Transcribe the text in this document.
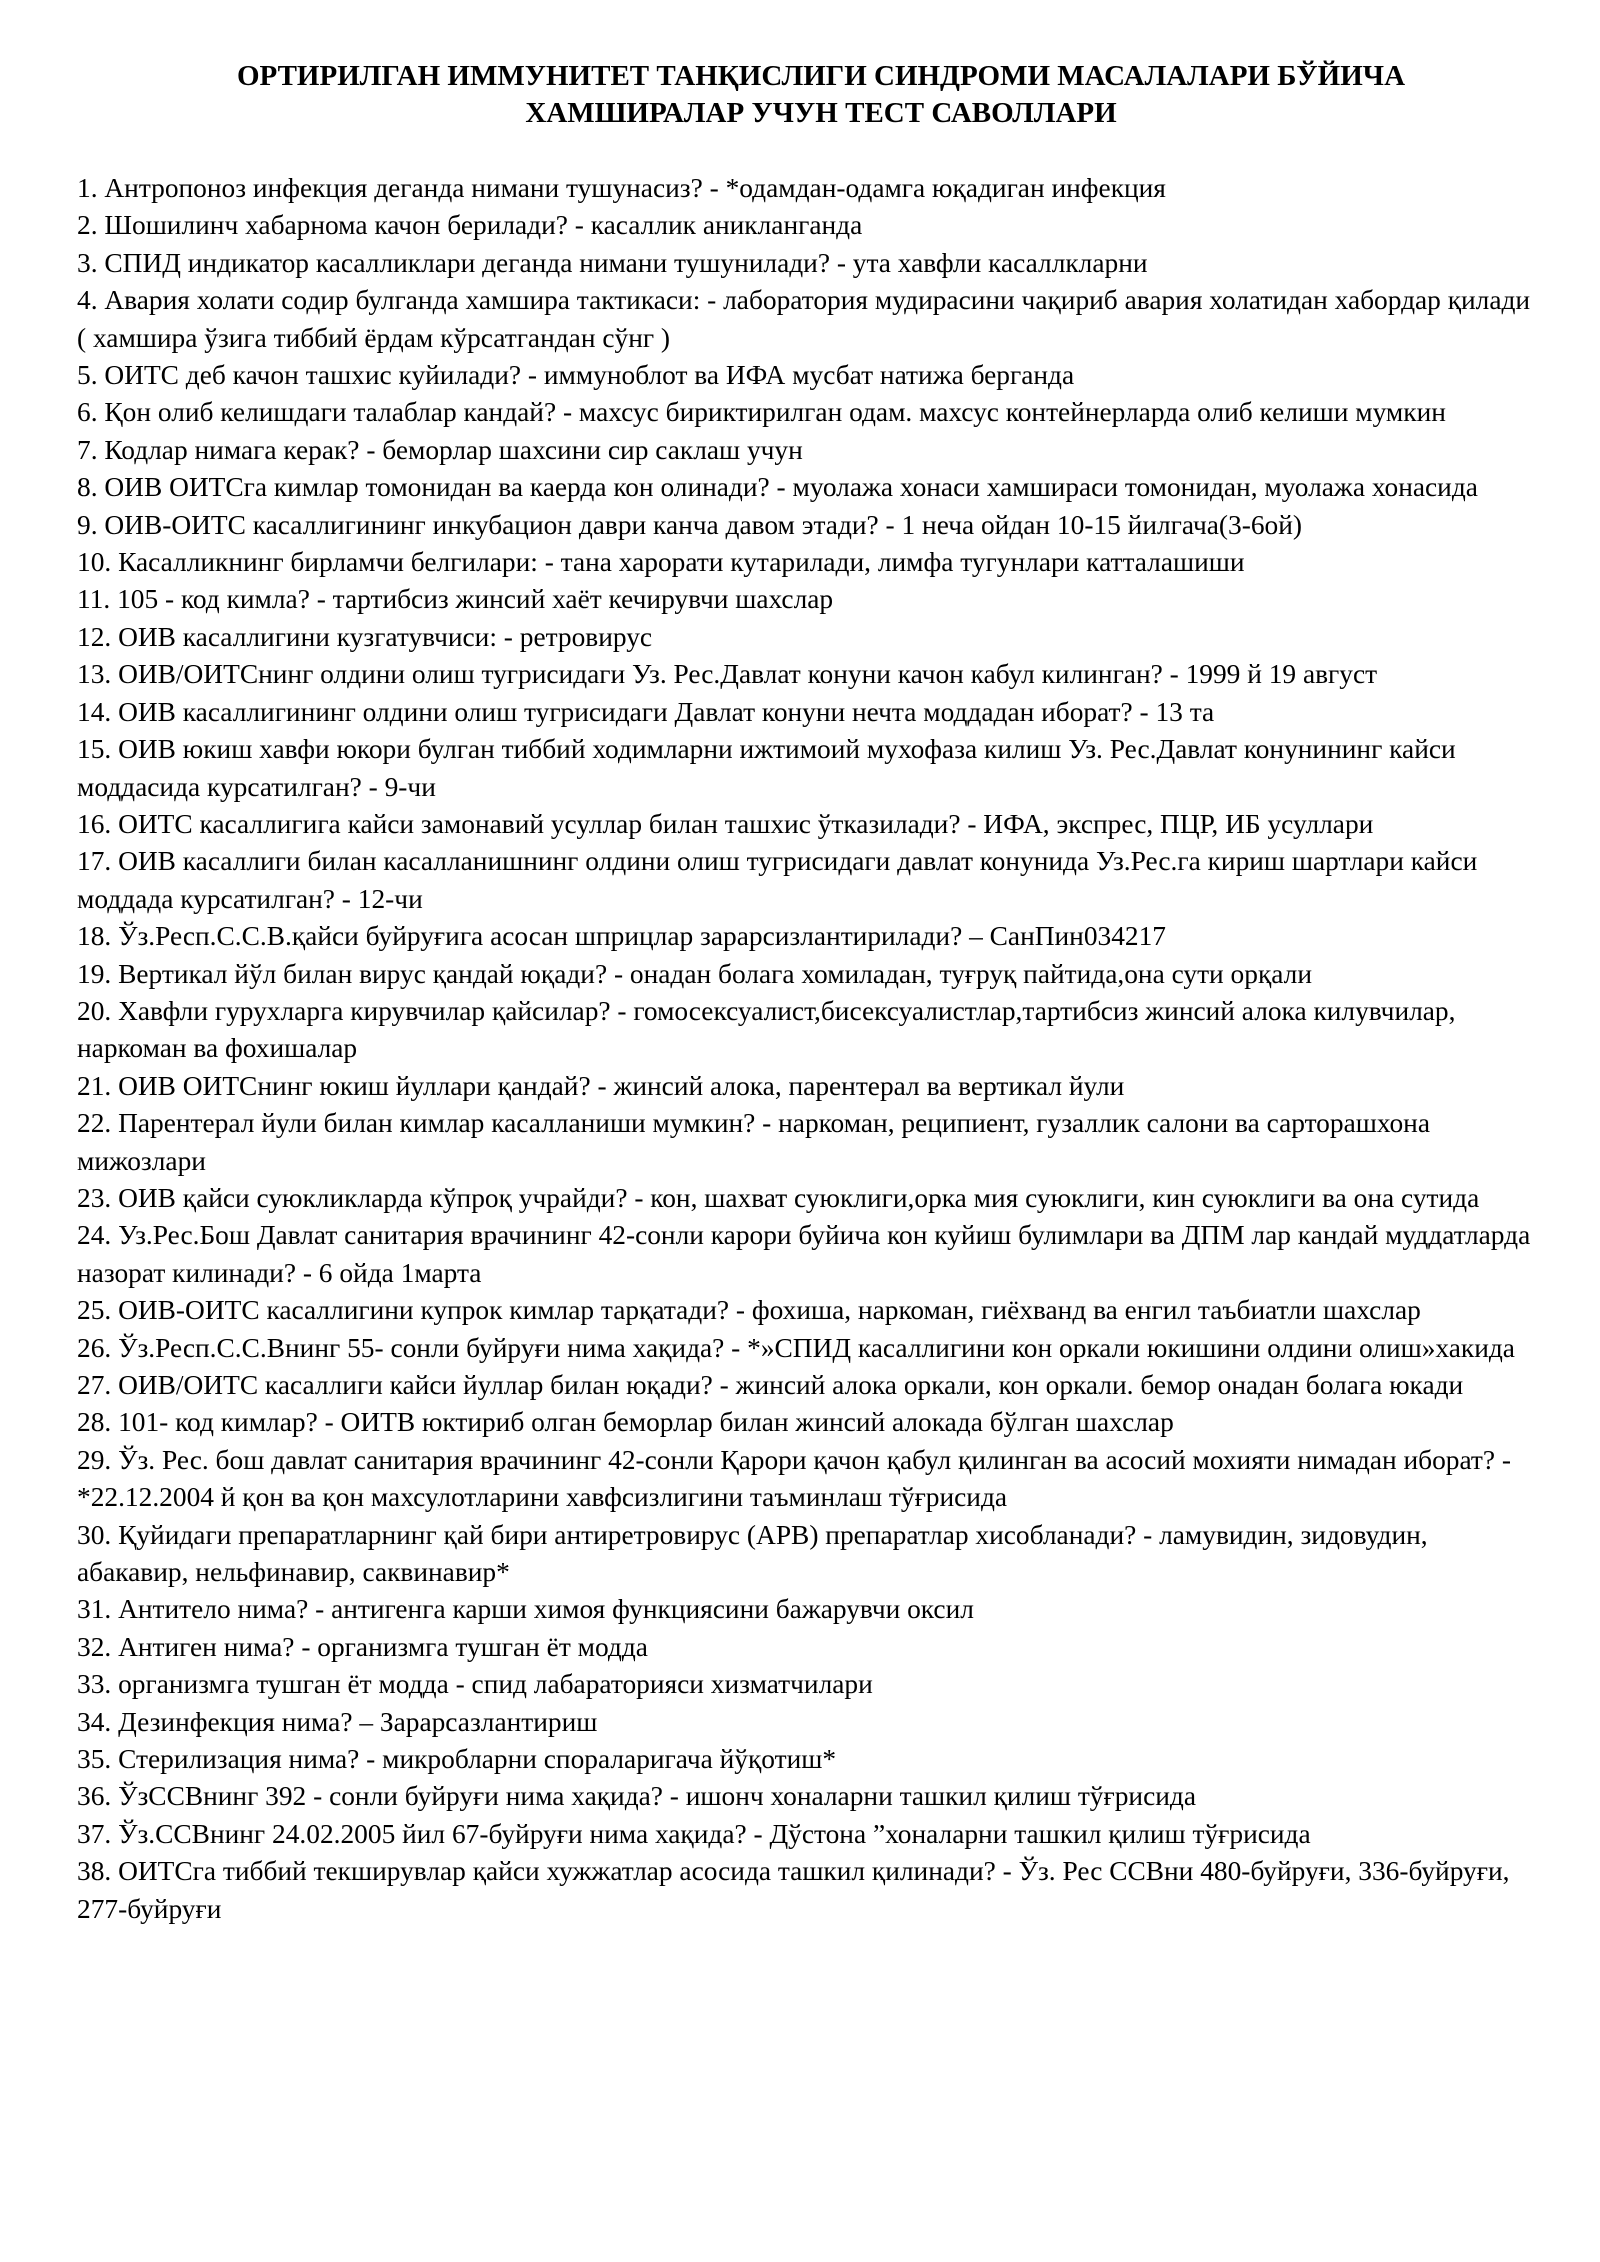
ОРТИРИЛГАН ИММУНИТЕТ ТАНҚИСЛИГИ СИНДРОМИ МАСАЛАЛАРИ БЎЙИЧА
ХАМШИРАЛАР УЧУН ТЕСТ САВОЛЛАРИ
1. Антропоноз инфекция деганда нимани тушунасиз? - *одамдан-одамга юқадиган инфекция
2. Шошилинч хабарнома качон берилади? - касаллик аникланганда
3. СПИД индикатор касалликлари деганда нимани тушунилади? - ута хавфли касаллкларни
4. Авария холати содир булганда хамшира тактикаси: - лаборатория мудирасини чақириб авария холатидан хабордар қилади ( хамшира ўзига тиббий ёрдам кўрсатгандан сўнг )
5. ОИТС деб качон ташхис куйилади? - иммуноблот ва ИФА мусбат натижа берганда
6. Қон олиб келишдаги талаблар кандай? - махсус бириктирилган одам. махсус контейнерларда олиб келиши мумкин
7. Кодлар нимага керак? - беморлар шахсини сир саклаш учун
8. ОИВ ОИТСга кимлар томонидан ва каерда кон олинади? - муолажа хонаси хамшираси томонидан, муолажа хонасида
9. ОИВ-ОИТС касаллигининг инкубацион даври канча давом этади? - 1 неча ойдан 10-15 йилгача(3-6ой)
10. Касалликнинг бирламчи белгилари: - тана харорати кутарилади, лимфа тугунлари катталашиши
11. 105 - код кимла? - тартибсиз жинсий хаёт кечирувчи шахслар
12. ОИВ касаллигини кузгатувчиси: - ретровирус
13. ОИВ/ОИТСнинг олдини олиш тугрисидаги Уз. Рес.Давлат конуни качон кабул килинган? - 1999 й 19 август
14. ОИВ касаллигининг олдини олиш тугрисидаги Давлат конуни нечта моддадан иборат? - 13 та
15. ОИВ юкиш хавфи юкори булган тиббий ходимларни ижтимоий мухофаза килиш Уз. Рес.Давлат конунининг кайси моддасида курсатилган? - 9-чи
16. ОИТС касаллигига кайси замонавий усуллар билан ташхис ўтказилади? - ИФА, экспрес, ПЦР, ИБ усуллари
17. ОИВ касаллиги билан касалланишнинг олдини олиш тугрисидаги давлат конунида Уз.Рес.га кириш шартлари кайси моддада курсатилган? - 12-чи
18. Ўз.Респ.С.С.В.қайси буйруғига асосан шприцлар зарарсизлантирилади? – СанПин034217
19. Вертикал йўл билан вирус қандай юқади? - онадан болага хомиладан, туғруқ пайтида,она сути орқали
20. Хавфли гурухларга кирувчилар қайсилар? - гомосексуалист,бисексуалистлар,тартибсиз жинсий алока килувчилар, наркоман ва фохишалар
21. ОИВ ОИТСнинг юкиш йуллари қандай? - жинсий алока, парентерал ва вертикал йули
22. Парентерал йули билан кимлар касалланиши мумкин? - наркоман, реципиент, гузаллик салони ва сарторашхона мижозлари
23. ОИВ қайси суюкликларда кўпроқ учрайди? - кон, шахват суюклиги,орка мия суюклиги, кин суюклиги ва она сутида
24. Уз.Рес.Бош Давлат санитария врачининг 42-сонли карори буйича кон куйиш булимлари ва ДПМ лар кандай муддатларда назорат килинади? - 6 ойда 1марта
25. ОИВ-ОИТС касаллигини купрок кимлар тарқатади? - фохиша, наркоман, гиёхванд ва енгил таъбиатли шахслар
26. Ўз.Респ.С.С.Внинг 55- сонли буйруғи нима хақида? - *»СПИД касаллигини кон оркали юкишини олдини олиш»хакида
27. ОИВ/ОИТС касаллиги кайси йуллар билан юқади? - жинсий алока оркали, кон оркали. бемор онадан болага юкади
28. 101- код кимлар? - ОИТВ юктириб олган беморлар билан жинсий алокада бўлган шахслар
29. Ўз. Рес. бош давлат санитария врачининг 42-сонли Қарори қачон қабул қилинган ва асосий мохияти нимадан иборат? - *22.12.2004 й қон ва қон махсулотларини хавфсизлигини таъминлаш тўғрисида
30. Қуйидаги препаратларнинг қай бири антиретровирус (АРВ) препаратлар хисобланади? - ламувидин, зидовудин, абакавир, нельфинавир, саквинавир*
31. Антитело нима? - антигенга карши химоя функциясини бажарувчи оксил
32. Антиген нима? - организмга тушган ёт модда
33. организмга тушган ёт модда - спид лабараторияси хизматчилари
34. Дезинфекция нима? – Зарарсазлантириш
35. Стерилизация нима? - микробларни спораларигача йўқотиш*
36. ЎзССВнинг 392 - сонли буйруғи нима хақида? - ишонч хоналарни ташкил қилиш тўғрисида
37. Ўз.ССВнинг 24.02.2005 йил 67-буйруғи нима хақида? - Дўстона ”хоналарни ташкил қилиш тўғрисида
38. ОИТСга тиббий текширувлар қайси хужжатлар асосида ташкил қилинади? - Ўз. Рес ССВни 480-буйруғи, 336-буйруғи, 277-буйруғи
